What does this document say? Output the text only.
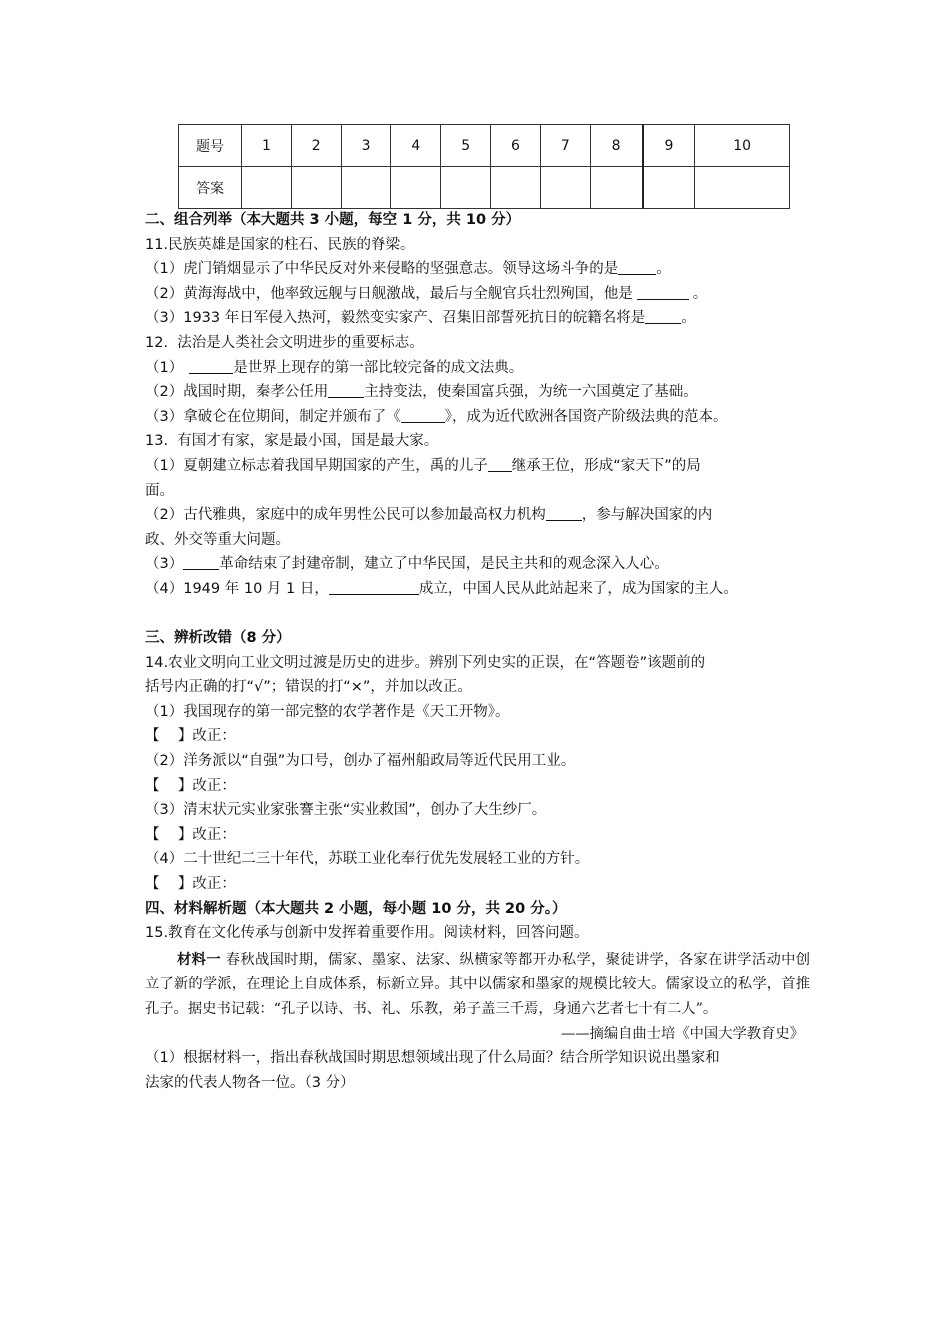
题号	1	2	3	4	5	6	7	8	9	10
答案										
二、组合列举（本大题共 3 小题，每空 1 分，共 10 分）
11.民族英雄是国家的柱石、民族的脊梁。
（1）虎门销烟显示了中华民反对外来侵略的坚强意志。领导这场斗争的是	。
（2）黄海海战中，他率致远舰与日舰激战，最后与全舰官兵壮烈殉国，他是	。
（3）1933 年日军侵入热河，毅然变实家产、召集旧部誓死抗日的皖籍名将是 。
12.  法治是人类社会文明进步的重要标志。
（1）	是世界上现存的第一部比较完备的成文法典。
（2）战国时期，秦孝公任用 主持变法，使秦国富兵强，为统一六国奠定了基础。
（3）拿破仑在位期间，制定并颁布了《	》，成为近代欧洲各国资产阶级法典的范本。
13.  有国才有家，家是最小国，国是最大家。
（1）夏朝建立标志着我国早期国家的产生，禹的儿子 继承王位，形成“家天下”的局
面。
（2）古代雅典，家庭中的成年男性公民可以参加最高权力机构 ，参与解决国家的内
政、外交等重大问题。
（3） 革命结束了封建帝制，建立了中华民国，是民主共和的观念深入人心。
（4）1949 年 10 月 1 日，	成立，中国人民从此站起来了，成为国家的主人。
三、辨析改错（8 分）
14.农业文明向工业文明过渡是历史的进步。辨别下列史实的正误，在“答题卷”该题前的
括号内正确的打“√”；错误的打“×”，并加以改正。
（1）我国现存的第一部完整的农学著作是《天工开物》。
【    】改正：
（2）洋务派以“自强”为口号，创办了福州船政局等近代民用工业。
【    】改正：
（3）清末状元实业家张謇主张“实业救国”，创办了大生纱厂。
【    】改正：
（4）二十世纪二三十年代，苏联工业化奉行优先发展轻工业的方针。
【    】改正：
四、材料解析题（本大题共 2 小题，每小题 10 分，共 20 分。）
15.教育在文化传承与创新中发挥着重要作用。阅读材料，回答问题。
材料一 春秋战国时期，儒家、墨家、法家、纵横家等都开办私学，聚徒讲学，各家在讲学活动中创立了新的学派，在理论上自成体系，标新立异。其中以儒家和墨家的规模比较大。儒家设立的私学，首推孔子。据史书记载：“孔子以诗、书、礼、乐教，弟子盖三千焉，身通六艺者七十有二人”。
——摘编自曲士培《中国大学教育史》
（1）根据材料一，指出春秋战国时期思想领域出现了什么局面？结合所学知识说出墨家和
法家的代表人物各一位。（3 分）
